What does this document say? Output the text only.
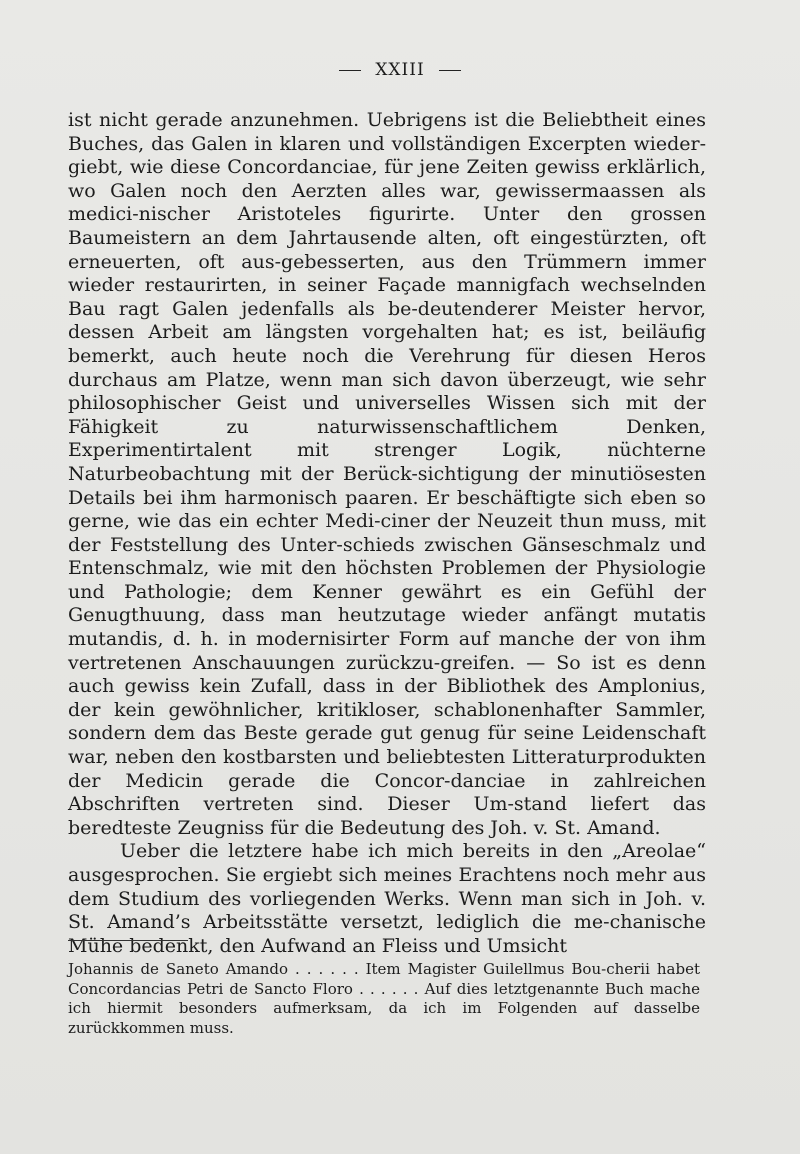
XXIII

ist nicht gerade anzunehmen. Uebrigens ist die Beliebtheit eines Buches, das Galen in klaren und vollständigen Excerpten wieder-giebt, wie diese Concordanciae, für jene Zeiten gewiss erklärlich, wo Galen noch den Aerzten alles war, gewissermaassen als medici-nischer Aristoteles figurirte. Unter den grossen Baumeistern an dem Jahrtausende alten, oft eingestürzten, oft erneuerten, oft aus-gebesserten, aus den Trümmern immer wieder restaurirten, in seiner Façade mannigfach wechselnden Bau ragt Galen jedenfalls als be-deutenderer Meister hervor, dessen Arbeit am längsten vorgehalten hat; es ist, beiläufig bemerkt, auch heute noch die Verehrung für diesen Heros durchaus am Platze, wenn man sich davon überzeugt, wie sehr philosophischer Geist und universelles Wissen sich mit der Fähigkeit zu naturwissenschaftlichem Denken, Experimentirtalent mit strenger Logik, nüchterne Naturbeobachtung mit der Berück-sichtigung der minutiösesten Details bei ihm harmonisch paaren. Er beschäftigte sich eben so gerne, wie das ein echter Medi-ciner der Neuzeit thun muss, mit der Feststellung des Unter-schieds zwischen Gänseschmalz und Entenschmalz, wie mit den höchsten Problemen der Physiologie und Pathologie; dem Kenner gewährt es ein Gefühl der Genugthuung, dass man heutzutage wieder anfängt mutatis mutandis, d. h. in modernisirter Form auf manche der von ihm vertretenen Anschauungen zurückzu-greifen. — So ist es denn auch gewiss kein Zufall, dass in der Bibliothek des Amplonius, der kein gewöhnlicher, kritikloser, schablonenhafter Sammler, sondern dem das Beste gerade gut genug für seine Leidenschaft war, neben den kostbarsten und beliebtesten Litteraturprodukten der Medicin gerade die Concor-danciae in zahlreichen Abschriften vertreten sind. Dieser Um-stand liefert das beredteste Zeugniss für die Bedeutung des Joh. v. St. Amand.

Ueber die letztere habe ich mich bereits in den „Areolae“ ausgesprochen. Sie ergiebt sich meines Erachtens noch mehr aus dem Studium des vorliegenden Werks. Wenn man sich in Joh. v. St. Amand’s Arbeitsstätte versetzt, lediglich die me-chanische Mühe bedenkt, den Aufwand an Fleiss und Umsicht

Johannis de Saneto Amando . . . . . . Item Magister Guilellmus Bou-cherii habet Concordancias Petri de Sancto Floro . . . . . . Auf dies letztgenannte Buch mache ich hiermit besonders aufmerksam, da ich im Folgenden auf dasselbe zurückkommen muss.
